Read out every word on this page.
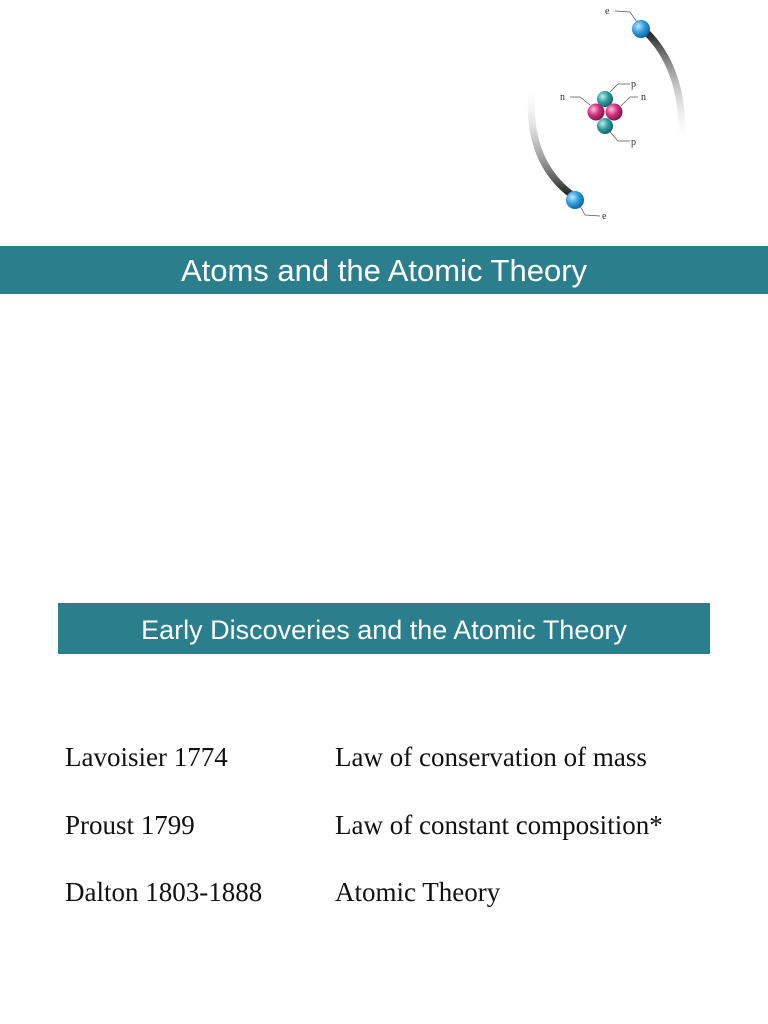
e
e
p
p
n	n
Atoms and the Atomic Theory
Early Discoveries and the Atomic Theory
Lavoisier 1774	Law of conservation of mass
Proust 1799	Law of constant composition*
Dalton 1803-1888	Atomic Theory
